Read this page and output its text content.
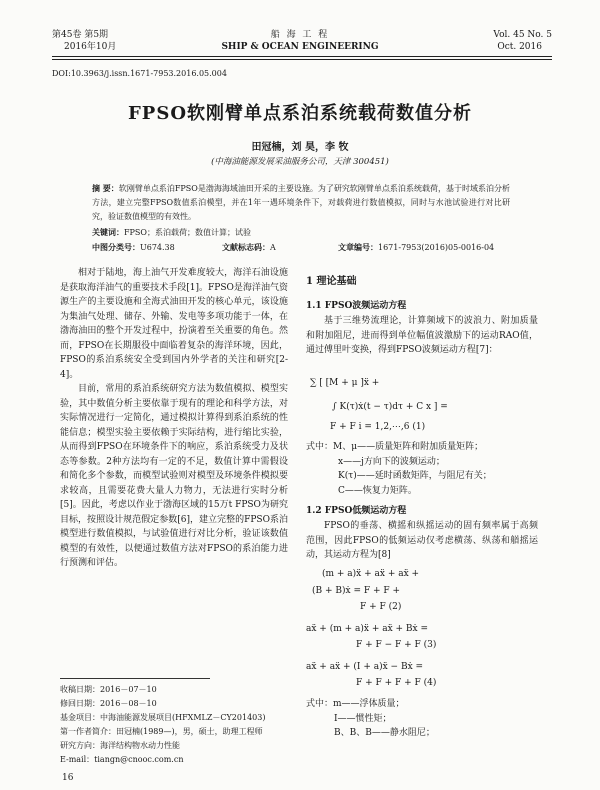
第45卷 第5期
2016年10月
船 海 工 程
SHIP & OCEAN ENGINEERING
Vol. 45 No. 5
Oct. 2016
DOI:10.3963/j.issn.1671-7953.2016.05.004
FPSO软刚臂单点系泊系统载荷数值分析
田冠楠，刘 昊，李 牧
(中海油能源发展采油服务公司，天津 300451)
摘 要：软刚臂单点系泊FPSO是渤海海域油田开采的主要设施。为了研究软刚臂单点系泊系统载荷，基于时域系泊分析方法，建立完整FPSO数值系泊模型，并在1年一遇环境条件下，对载荷进行数值模拟，同时与水池试验进行对比研究，验证数值模型的有效性。
关键词：FPSO；系泊载荷；数值计算；试验
中图分类号：U674.38	文献标志码：A	文章编号：1671-7953(2016)05-0016-04

相对于陆地，海上油气开发难度较大，海洋石油设施是获取海洋油气的重要技术手段[1]。FPSO是海洋油气资源生产的主要设施和全海式油田开发的核心单元，该设施为集油气处理、储存、外输、发电等多项功能于一体，在渤海油田的整个开发过程中，扮演着至关重要的角色。然而，FPSO在长期服役中面临着复杂的海洋环境，因此，FPSO的系泊系统安全受到国内外学者的关注和研究[2-4]。

目前，常用的系泊系统研究方法为数值模拟、模型实验，其中数值分析主要依靠于现有的理论和科学方法，对实际情况进行一定简化，通过模拟计算得到系泊系统的性能信息；模型实验主要依赖于实际结构，进行缩比实验，从而得到FPSO在环境条件下的响应，系泊系统受力及状态等参数。2种方法均有一定的不足，数值计算中需假设和简化多个参数，而模型试验则对模型及环境条件模拟要求较高，且需要花费大量人力物力，无法进行实时分析[5]。因此，考虑以作业于渤海区域的15万t FPSO为研究目标，按照设计规范假定参数[6]，建立完整的FPSO系泊模型进行数值模拟，与试验值进行对比分析，验证该数值模型的有效性，以便通过数值方法对FPSO的系泊能力进行预测和评估。

收稿日期：2016－07－10
修回日期：2016－08－10
基金项目：中海油能源发展项目(HFXMLZ－CY201403)
第一作者简介：田冠楠(1989—)，男，硕士，助理工程师
研究方向：海洋结构物水动力性能
E-mail：tiangn@cnooc.com.cn
1 理论基础
1.1 FPSO波频运动方程

基于三维势流理论，计算频域下的波浪力、附加质量和附加阻尼，进而得到单位幅值波激励下的运动RAO值，通过傅里叶变换，得到FPSO波频运动方程[7]：

∑ [ [M + μ ]ẍ +
∫ K(τ)ẋ(t − τ)dτ + C x ] =
F + F i = 1,2,⋯,6 (1)
式中：M、μ——质量矩阵和附加质量矩阵；
x——j方向下的波频运动；
K(τ)——延时函数矩阵，与阻尼有关；
C——恢复力矩阵。
1.2 FPSO低频运动方程

FPSO的垂荡、横摇和纵摇运动的固有频率属于高频范围，因此FPSO的低频运动仅考虑横荡、纵荡和艏摇运动，其运动方程为[8]

(m + a)ẍ + aẍ + aẍ +
(B + B)ẋ = F + F +
F + F (2)
aẍ + (m + a)ẍ + aẍ + Bẋ =
F + F − F + F (3)
aẍ + aẍ + (I + a)ẍ − Bẋ =
F + F + F + F (4)
式中：m——浮体质量；
I——惯性矩；
B、B、B——静水阻尼；
16
